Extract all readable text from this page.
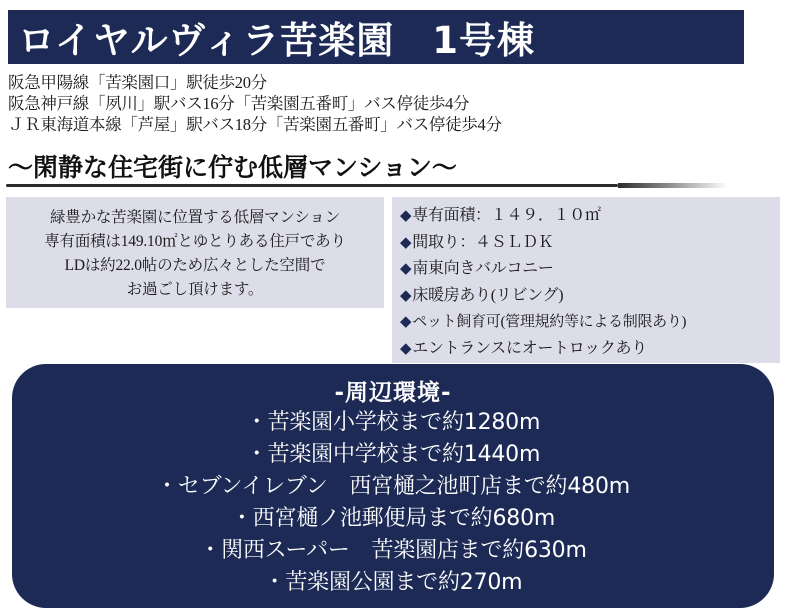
ロイヤルヴィラ苦楽園　1号棟
阪急甲陽線「苦楽園口」駅徒歩20分
阪急神戸線「夙川」駅バス16分「苦楽園五番町」バス停徒歩4分
ＪＲ東海道本線「芦屋」駅バス18分「苦楽園五番町」バス停徒歩4分
〜閑静な住宅街に佇む低層マンション〜
緑豊かな苦楽園に位置する低層マンション
専有面積は149.10㎡とゆとりある住戸であり
LDは約22.0帖のため広々とした空間で
お過ごし頂けます。
◆専有面積：１４９．１０㎡
◆間取り：４ＳＬＤＫ
◆南東向きバルコニー
◆床暖房あり(リビング)
◆ペット飼育可(管理規約等による制限あり)
◆エントランスにオートロックあり
-周辺環境-
・苦楽園小学校まで約1280m
・苦楽園中学校まで約1440m
・セブンイレブン　西宮樋之池町店まで約480m
・西宮樋ノ池郵便局まで約680m
・関西スーパー　苦楽園店まで約630m
・苦楽園公園まで約270m
